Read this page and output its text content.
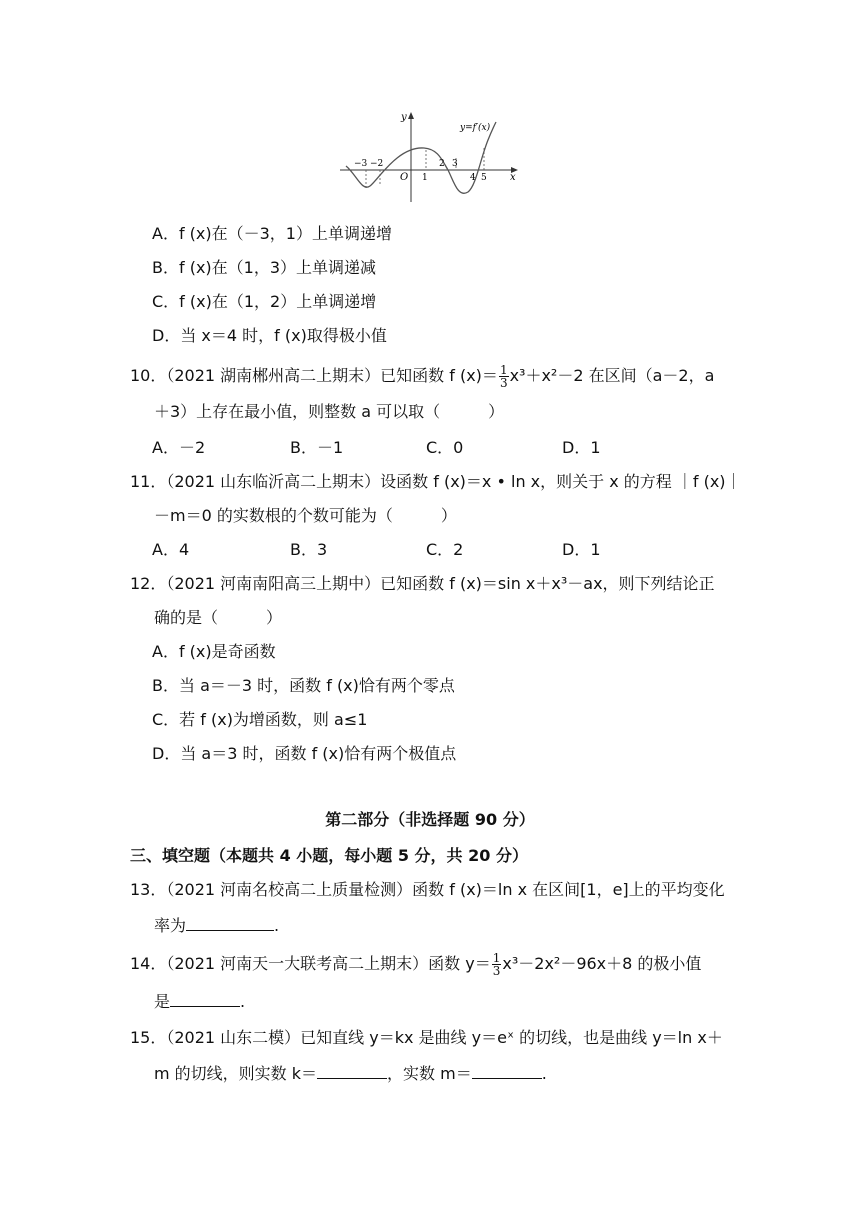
y
y=f′(x)
x
O
−3 −2
1
2 3
4 5
A．f (x)在（－3，1）上单调递增
B．f (x)在（1，3）上单调递减
C．f (x)在（1，2）上单调递增
D．当 x＝4 时，f (x)取得极小值
10．（2021 湖南郴州高二上期末）已知函数 f $(x)= \frac{1}{3} x^3+x^2-2$ 在区间（a－2，a
＋3）上存在最小值，则整数 a 可以取（　　　）
A．－2	B．－1	C．0	D．1
11．（2021 山东临沂高二上期末）设函数 f (x)＝x • ln x，则关于 x 的方程 ｜f (x)｜
－m＝0 的实数根的个数可能为（　　　）
A．4	B．3	C．2	D．1
12．（2021 河南南阳高三上期中）已知函数 f (x)＝sin x＋x³－ax，则下列结论正
确的是（　　　）
A．f (x)是奇函数
B．当 a＝－3 时，函数 f (x)恰有两个零点
C．若 f (x)为增函数，则 a≤1
D．当 a＝3 时，函数 f (x)恰有两个极值点
第二部分（非选择题 90 分）
三、填空题（本题共 4 小题，每小题 5 分，共 20 分）
13．（2021 河南名校高二上质量检测）函数 f (x)＝ln x 在区间[1，e]上的平均变化
率为	.
14．（2021 河南天一大联考高二上期末）函数 $y= \frac{1}{3} x^3-2x^2-96x+8$ 的极小值
是	.
15．（2021 山东二模）已知直线 y＝kx 是曲线 y＝eˣ 的切线，也是曲线 y＝ln x＋
m 的切线，则实数 k＝	，实数 m＝	.
